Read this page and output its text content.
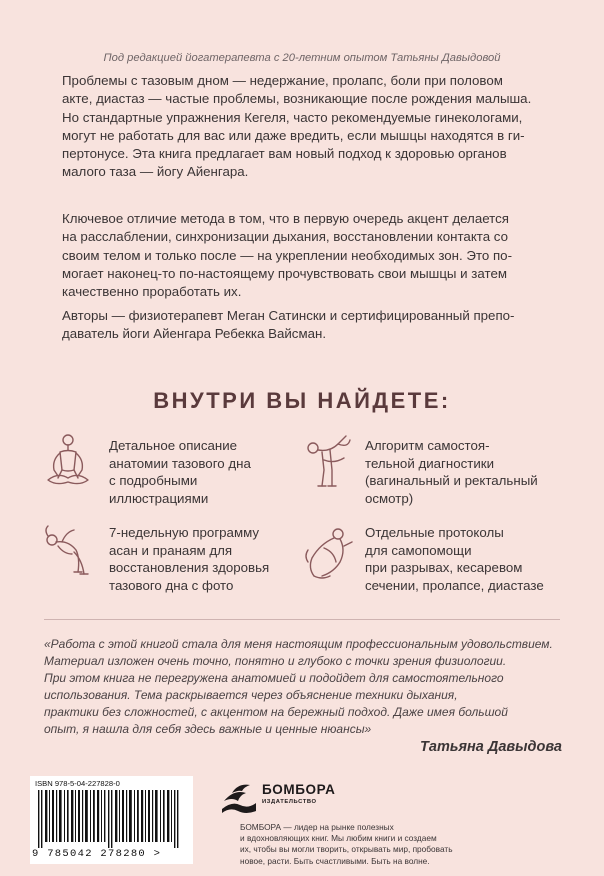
Под редакцией йогатерапевта с 20-летним опытом Татьяны Давыдовой
Проблемы с тазовым дном — недержание, пролапс, боли при половом
акте, диастаз — частые проблемы, возникающие после рождения малыша.
Но стандартные упражнения Кегеля, часто рекомендуемые гинекологами,
могут не работать для вас или даже вредить, если мышцы находятся в ги-
пертонусе. Эта книга предлагает вам новый подход к здоровью органов
малого таза — йогу Айенгара.
Ключевое отличие метода в том, что в первую очередь акцент делается
на расслаблении, синхронизации дыхания, восстановлении контакта со
своим телом и только после — на укреплении необходимых зон. Это по-
могает наконец-то по-настоящему прочувствовать свои мышцы и затем
качественно проработать их.
Авторы — физиотерапевт Меган Сатински и сертифицированный препо-
даватель йоги Айенгара Ребекка Вайсман.
ВНУТРИ ВЫ НАЙДЕТЕ:
Детальное описание
анатомии тазового дна
с подробными
иллюстрациями
Алгоритм самостоя-
тельной диагностики
(вагинальный и ректальный
осмотр)
7-недельную программу
асан и пранаям для
восстановления здоровья
тазового дна с фото
Отдельные протоколы
для самопомощи
при разрывах, кесаревом
сечении, пролапсе, диастазе
«Работа с этой книгой стала для меня настоящим профессиональным удовольствием.
Материал изложен очень точно, понятно и глубоко с точки зрения физиологии.
При этом книга не перегружена анатомией и подойдет для самостоятельного
использования. Тема раскрывается через объяснение техники дыхания,
практики без сложностей, с акцентом на бережный подход. Даже имея большой
опыт, я нашла для себя здесь важные и ценные нюансы»
Татьяна Давыдова
ISBN 978-5-04-227828-0
9 785042 278280 >
БОМБОРА
ИЗДАТЕЛЬСТВО
БОМБОРА — лидер на рынке полезных
и вдохновляющих книг. Мы любим книги и создаем
их, чтобы вы могли творить, открывать мир, пробовать
новое, расти. Быть счастливыми. Быть на волне.
